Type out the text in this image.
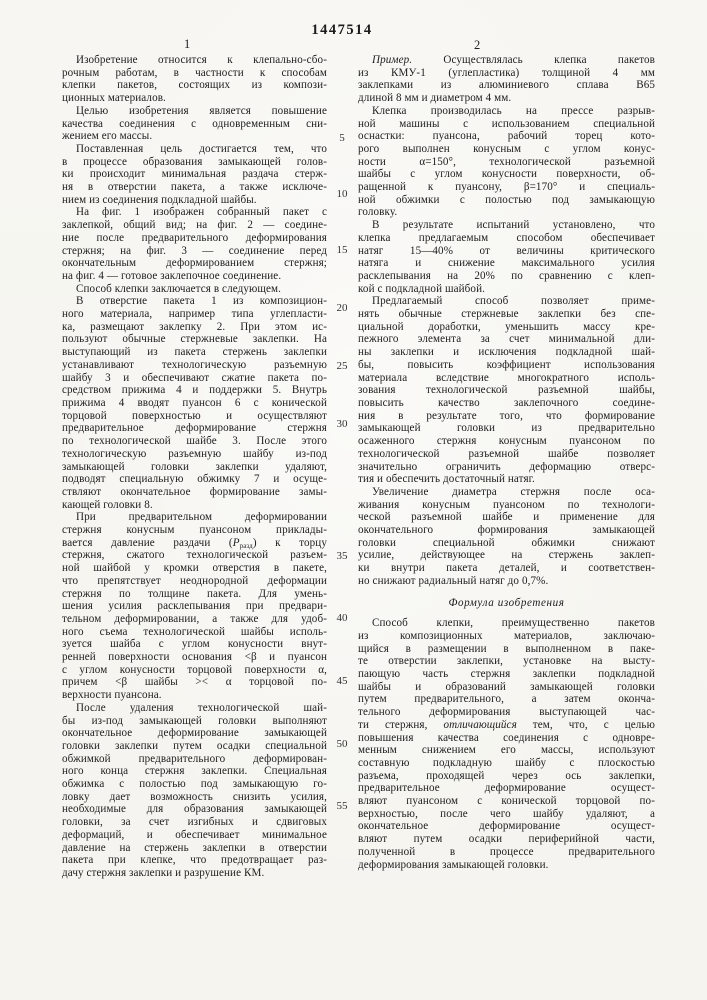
1447514
1	2
Изобретение относится к клепально-сбо-
рочным работам, в частности к способам
клепки пакетов, состоящих из компози-
ционных материалов.
Целью изобретения является повышение
качества соединения с одновременным сни-
жением его массы.
Поставленная цель достигается тем, что
в процессе образования замыкающей голов-
ки происходит минимальная раздача стерж-
ня в отверстии пакета, а также исключе-
нием из соединения подкладной шайбы.
На фиг. 1 изображен собранный пакет с
заклепкой, общий вид; на фиг. 2 — соедине-
ние после предварительного деформирования
стержня; на фиг. 3 — соединение перед
окончательным деформированием стержня;
на фиг. 4 — готовое заклепочное соединение.
Способ клепки заключается в следующем.
В отверстие пакета 1 из композицион-
ного материала, например типа углепласти-
ка, размещают заклепку 2. При этом ис-
пользуют обычные стержневые заклепки. На
выступающий из пакета стержень заклепки
устанавливают технологическую разъемную
шайбу 3 и обеспечивают сжатие пакета по-
средством прижима 4 и поддержки 5. Внутрь
прижима 4 вводят пуансон 6 с конической
торцовой поверхностью и осуществляют
предварительное деформирование стержня
по технологической шайбе 3. После этого
технологическую разъемную шайбу из-под
замыкающей головки заклепки удаляют,
подводят специальную обжимку 7 и осуще-
ствляют окончательное формирование замы-
кающей головки 8.
При предварительном деформировании
стержня конусным пуансоном приклады-
вается давление раздачи $(P_{разд})$ к торцу
стержня, сжатого технологической разъем-
ной шайбой у кромки отверстия в пакете,
что препятствует неоднородной деформации
стержня по толщине пакета. Для умень-
шения усилия расклепывания при предвари-
тельном деформировании, а также для удоб-
ного съема технологической шайбы исполь-
зуется шайба с углом конусности внут-
ренней поверхности основания <β и пуансон
с углом конусности торцовой поверхности α,
причем <β шайбы >< α торцовой по-
верхности пуансона.
После удаления технологической шай-
бы из-под замыкающей головки выполняют
окончательное деформирование замыкающей
головки заклепки путем осадки специальной
обжимкой предварительного деформирован-
ного конца стержня заклепки. Специальная
обжимка с полостью под замыкающую го-
ловку дает возможность снизить усилия,
необходимые для образования замыкающей
головки, за счет изгибных и сдвиговых
деформаций, и обеспечивает минимальное
давление на стержень заклепки в отверстии
пакета при клепке, что предотвращает раз-
дачу стержня заклепки и разрушение КМ.
5
10
15
20
25
30
35
40
45
50
55
Пример. Осуществлялась клепка пакетов
из КМУ-1 (углепластика) толщиной 4 мм
заклепками из алюминиевого сплава В65
длиной 8 мм и диаметром 4 мм.
Клепка производилась на прессе разрыв-
ной машины с использованием специальной
оснастки: пуансона, рабочий торец кото-
рого выполнен конусным с углом конус-
ности α=150°, технологической разъемной
шайбы с углом конусности поверхности, об-
ращенной к пуансону, β=170° и специаль-
ной обжимки с полостью под замыкающую
головку.
В результате испытаний установлено, что
клепка предлагаемым способом обеспечивает
натяг 15—40% от величины критического
натяга и снижение максимального усилия
расклепывания на 20% по сравнению с клеп-
кой с подкладной шайбой.
Предлагаемый способ позволяет приме-
нять обычные стержневые заклепки без спе-
циальной доработки, уменьшить массу кре-
пежного элемента за счет минимальной дли-
ны заклепки и исключения подкладной шай-
бы, повысить коэффициент использования
материала вследствие многократного исполь-
зования технологической разъемной шайбы,
повысить качество заклепочного соедине-
ния в результате того, что формирование
замыкающей головки из предварительно
осаженного стержня конусным пуансоном по
технологической разъемной шайбе позволяет
значительно ограничить деформацию отверс-
тия и обеспечить достаточный натяг.
Увеличение диаметра стержня после оса-
живания конусным пуансоном по технологи-
ческой разъемной шайбе и применение для
окончательного формирования замыкающей
головки специальной обжимки снижают
усилие, действующее на стержень заклеп-
ки внутри пакета деталей, и соответствен-
но снижают радиальный натяг до 0,7%.
Формула изобретения
Способ клепки, преимущественно пакетов
из композиционных материалов, заключаю-
щийся в размещении в выполненном в паке-
те отверстии заклепки, установке на высту-
пающую часть стержня заклепки подкладной
шайбы и образований замыкающей головки
путем предварительного, а затем оконча-
тельного деформирования выступающей час-
ти стержня, отличающийся тем, что, с целью
повышения качества соединения с одновре-
менным снижением его массы, используют
составную подкладную шайбу с плоскостью
разъема, проходящей через ось заклепки,
предварительное деформирование осущест-
вляют пуансоном с конической торцовой по-
верхностью, после чего шайбу удаляют, а
окончательное деформирование осущест-
вляют путем осадки периферийной части,
полученной в процессе предварительного
деформирования замыкающей головки.
